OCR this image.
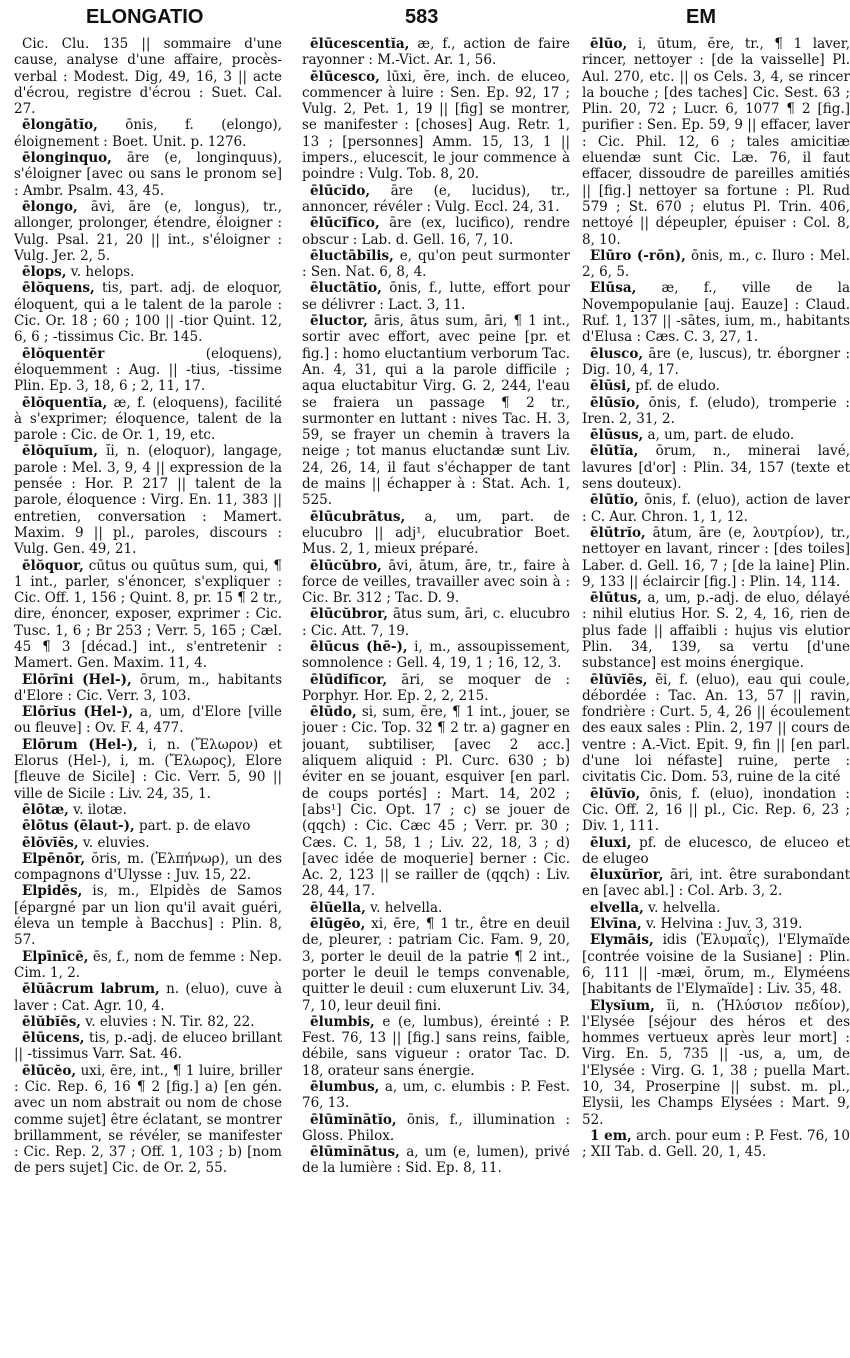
ELONGATIO	583	EM

Cic. Clu. 135 || sommaire d'une cause, analyse d'une affaire, procès-verbal : Modest. Dig, 49, 16, 3 || acte d'écrou, registre d'écrou : Suet. Cal. 27.

ēlongātĭo, ōnis, f. (elongo), éloignement : Boet. Unit. p. 1276.

ēlonginquo, āre (e, longinquus), s'éloigner [avec ou sans le pronom se] : Ambr. Psalm. 43, 45.

ēlongo, āvi, āre (e, longus), tr., allonger, prolonger, étendre, éloigner : Vulg. Psal. 21, 20 || int., s'éloigner : Vulg. Jer. 2, 5.

ēlops, v. helops.

ēlŏquens, tis, part. adj. de eloquor, éloquent, qui a le talent de la parole : Cic. Or. 18 ; 60 ; 100 || -tior Quint. 12, 6, 6 ; -tissimus Cic. Br. 145.

ēlŏquentĕr	(eloquens), éloquemment : Aug. || -tius, -tissime Plin. Ep. 3, 18, 6 ; 2, 11, 17.

ēlŏquentĭa, æ, f. (eloquens), facilité à s'exprimer; éloquence, talent de la parole : Cic. de Or. 1, 19, etc.

ēlŏquĭum, ĭi, n. (eloquor), langage, parole : Mel. 3, 9, 4 || expression de la pensée : Hor. P. 217 || talent de la parole, éloquence : Virg. En. 11, 383 || entretien, conversation : Mamert. Maxim. 9 || pl., paroles, discours : Vulg. Gen. 49, 21.

ēlŏquor, cūtus ou quūtus sum, qui, ¶ 1 int., parler, s'énoncer, s'expliquer : Cic. Off. 1, 156 ; Quint. 8, pr. 15 ¶ 2 tr., dire, énoncer, exposer, exprimer : Cic. Tusc. 1, 6 ; Br 253 ; Verr. 5, 165 ; Cæl. 45 ¶ 3 [décad.] int., s'entretenir : Mamert. Gen. Maxim. 11, 4.

Elōrīni (Hel-), ōrum, m., habitants d'Elore : Cic. Verr. 3, 103.

Elōrĭus (Hel-), a, um, d'Elore [ville ou fleuve] : Ov. F. 4, 477.

Elōrum (Hel-), i, n. (Ἔλωρον) et Elorus (Hel-), i, m. (Ἔλωρος), Elore [fleuve de Sicile] : Cic. Verr. 5, 90 || ville de Sicile : Liv. 24, 35, 1.

ēlōtæ, v. ilotæ.

ēlōtus (ēlaut-), part. p. de elavo

ēlŏvĭēs, v. eluvies.

Elpēnōr, ŏris, m. (Ἐλπήνωρ), un des compagnons d'Ulysse : Juv. 15, 22.

Elpidēs, is, m., Elpidès de Samos [épargné par un lion qu'il avait guéri, éleva un temple à Bacchus] : Plin. 8, 57.

Elpīnīcē, ēs, f., nom de femme : Nep. Cim. 1, 2.

ēlŭācrum labrum, n. (eluo), cuve à laver : Cat. Agr. 10, 4.

ēlŭbĭēs, v. eluvies : N. Tir. 82, 22.

ēlūcens, tis, p.-adj. de eluceo brillant || -tissimus Varr. Sat. 46.

ēlūcĕo, uxi, ēre, int., ¶ 1 luire, briller : Cic. Rep. 6, 16 ¶ 2 [fig.] a) [en gén. avec un nom abstrait ou nom de chose comme sujet] être éclatant, se montrer brillamment, se révéler, se manifester : Cic. Rep. 2, 37 ; Off. 1, 103 ; b) [nom de pers sujet] Cic. de Or. 2, 55.

ēlūcescentĭa, æ, f., action de faire rayonner : M.-Vict. Ar. 1, 56.

ēlūcesco, lūxi, ĕre, inch. de eluceo, commencer à luire : Sen. Ep. 92, 17 ; Vulg. 2, Pet. 1, 19 || [fig] se montrer, se manifester : [choses] Aug. Retr. 1, 13 ; [personnes] Amm. 15, 13, 1 || impers., elucescit, le jour commence à poindre : Vulg. Tob. 8, 20.

ēlūcĭdo, āre (e, lucidus), tr., annoncer, révéler : Vulg. Eccl. 24, 31.

ēlūcĭfĭco, āre (ex, lucifico), rendre obscur : Lab. d. Gell. 16, 7, 10.

ēluctābĭlis, e, qu'on peut surmonter : Sen. Nat. 6, 8, 4.

ēluctātĭo, ōnis, f., lutte, effort pour se délivrer : Lact. 3, 11.

ēluctor, āris, ātus sum, āri, ¶ 1 int., sortir avec effort, avec peine [pr. et fig.] : homo eluctantium verborum Tac. An. 4, 31, qui a la parole difficile ; aqua eluctabitur Virg. G. 2, 244, l'eau se fraiera un passage ¶ 2 tr., surmonter en luttant : nives Tac. H. 3, 59, se frayer un chemin à travers la neige ; tot manus eluctandæ sunt Liv. 24, 26, 14, il faut s'échapper de tant de mains || échapper à : Stat. Ach. 1, 525.

ēlūcubrātus, a, um, part. de elucubro || adj¹, elucubratior Boet. Mus. 2, 1, mieux préparé.

ēlūcŭbro, āvi, ātum, āre, tr., faire à force de veilles, travailler avec soin à : Cic. Br. 312 ; Tac. D. 9.

ēlūcŭbror, ātus sum, āri, c. elucubro : Cic. Att. 7, 19.

ēlūcus (hē-), i, m., assoupissement, somnolence : Gell. 4, 19, 1 ; 16, 12, 3.

ēlūdĭfĭcor, āri, se moquer de : Porphyr. Hor. Ep. 2, 2, 215.

ēlūdo, si, sum, ĕre, ¶ 1 int., jouer, se jouer : Cic. Top. 32 ¶ 2 tr. a) gagner en jouant, subtiliser, [avec 2 acc.] aliquem aliquid : Pl. Curc. 630 ; b) éviter en se jouant, esquiver [en parl. de coups portés] : Mart. 14, 202 ; [abs¹] Cic. Opt. 17 ; c) se jouer de (qqch) : Cic. Cæc 45 ; Verr. pr. 30 ; Cæs. C. 1, 58, 1 ; Liv. 22, 18, 3 ; d) [avec idée de moquerie] berner : Cic. Ac. 2, 123 || se railler de (qqch) : Liv. 28, 44, 17.

ēlŭella, v. helvella.

ēlūgĕo, xi, ēre, ¶ 1 tr., être en deuil de, pleurer, : patriam Cic. Fam. 9, 20, 3, porter le deuil de la patrie ¶ 2 int., porter le deuil le temps convenable, quitter le deuil : cum eluxerunt Liv. 34, 7, 10, leur deuil fini.

ēlumbis, e (e, lumbus), éreinté : P. Fest. 76, 13 || [fig.] sans reins, faible, débile, sans vigueur : orator Tac. D. 18, orateur sans énergie.

ēlumbus, a, um, c. elumbis : P. Fest. 76, 13.

ēlūmĭnātĭo, ōnis, f., illumination : Gloss. Philox.

ēlūmĭnātus, a, um (e, lumen), privé de la lumière : Sid. Ep. 8, 11.

ēlŭo, i, ūtum, ĕre, tr., ¶ 1 laver, rincer, nettoyer : [de la vaisselle] Pl. Aul. 270, etc. || os Cels. 3, 4, se rincer la bouche ; [des taches] Cic. Sest. 63 ; Plin. 20, 72 ; Lucr. 6, 1077 ¶ 2 [fig.] purifier : Sen. Ep. 59, 9 || effacer, laver : Cic. Phil. 12, 6 ; tales amicitiæ eluendæ sunt Cic. Læ. 76, il faut effacer, dissoudre de pareilles amitiés || [fig.] nettoyer sa fortune : Pl. Rud 579 ; St. 670 ; elutus Pl. Trin. 406, nettoyé || dépeupler, épuiser : Col. 8, 8, 10.

Elūro (-rōn), ōnis, m., c. Iluro : Mel. 2, 6, 5.

Elūsa, æ, f., ville de la Novempopulanie [auj. Eauze] : Claud. Ruf. 1, 137 || -sātes, ium, m., habitants d'Elusa : Cæs. C. 3, 27, 1.

ēlusco, āre (e, luscus), tr. éborgner : Dig. 10, 4, 17.

ēlūsi, pf. de eludo.

ēlūsĭo, ōnis, f. (eludo), tromperie : Iren. 2, 31, 2.

ēlūsus, a, um, part. de eludo.

ēlūtĭa, ōrum, n., minerai lavé, lavures [d'or] : Plin. 34, 157 (texte et sens douteux).

ēlūtĭo, ōnis, f. (eluo), action de laver : C. Aur. Chron. 1, 1, 12.

ēlūtrĭo, ātum, āre (e, λουτρίον), tr., nettoyer en lavant, rincer : [des toiles] Laber. d. Gell. 16, 7 ; [de la laine] Plin. 9, 133 || éclaircir [fig.] : Plin. 14, 114.

ēlūtus, a, um, p.-adj. de eluo, délayé : nihil elutius Hor. S. 2, 4, 16, rien de plus fade || affaibli : hujus vis elutior Plin. 34, 139, sa vertu [d'une substance] est moins énergique.

ēlŭvĭēs, ēi, f. (eluo), eau qui coule, débordée : Tac. An. 13, 57 || ravin, fondrière : Curt. 5, 4, 26 || écoulement des eaux sales : Plin. 2, 197 || cours de ventre : A.-Vict. Epit. 9, fin || [en parl. d'une loi néfaste] ruine, perte : civitatis Cic. Dom. 53, ruine de la cité

ēlŭvĭo, ōnis, f. (eluo), inondation : Cic. Off. 2, 16 || pl., Cic. Rep. 6, 23 ; Div. 1, 111.

ēluxi, pf. de elucesco, de eluceo et de elugeo

ēluxŭrĭor, āri, int. être surabondant en [avec abl.] : Col. Arb. 3, 2.

elvella, v. helvella.

Elvīna, v. Helvina : Juv. 3, 319.

Elymāis, idis (Ἐλυμαΐς), l'Elymaïde [contrée voisine de la Susiane] : Plin. 6, 111 || -mæi, ōrum, m., Elyméens [habitants de l'Elymaïde] : Liv. 35, 48.

Elysĭum, ĭi, n. (Ἠλύσιον πεδίον), l'Elysée [séjour des héros et des hommes vertueux après leur mort] : Virg. En. 5, 735 || -us, a, um, de l'Elysée : Virg. G. 1, 38 ; puella Mart. 10, 34, Proserpine || subst. m. pl., Elysii, les Champs Elysées : Mart. 9, 52.

1 em, arch. pour eum : P. Fest. 76, 10 ; XII Tab. d. Gell. 20, 1, 45.
